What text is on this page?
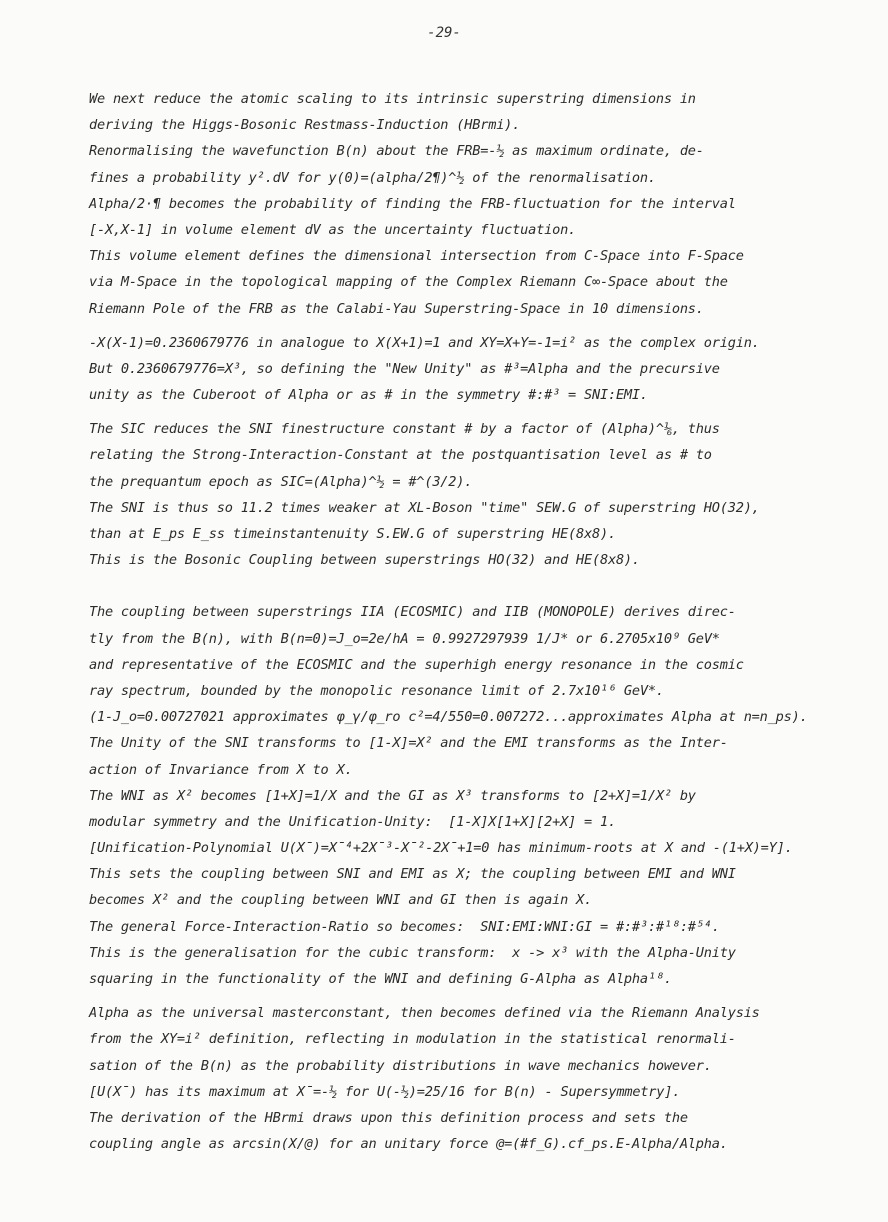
-29-
We next reduce the atomic scaling to its intrinsic superstring dimensions in
deriving the Higgs-Bosonic Restmass-Induction (HBrmi).
Renormalising the wavefunction B(n) about the FRB=-½ as maximum ordinate, de-
fines a probability y².dV for y(0)=(alpha/2¶)^½ of the renormalisation.
Alpha/2·¶ becomes the probability of finding the FRB-fluctuation for the interval
[-X,X-1] in volume element dV as the uncertainty fluctuation.
This volume element defines the dimensional intersection from C-Space into F-Space
via M-Space in the topological mapping of the Complex Riemann C∞-Space about the
Riemann Pole of the FRB as the Calabi-Yau Superstring-Space in 10 dimensions.
-X(X-1)=0.2360679776 in analogue to X(X+1)=1 and XY=X+Y=-1=i² as the complex origin.
But 0.2360679776=X³, so defining the "New Unity" as #³=Alpha and the precursive
unity as the Cuberoot of Alpha or as # in the symmetry #:#³ = SNI:EMI.
The SIC reduces the SNI finestructure constant # by a factor of (Alpha)^⅙, thus
relating the Strong-Interaction-Constant at the postquantisation level as # to
the prequantum epoch as SIC=(Alpha)^½ = #^(3/2).
The SNI is thus so 11.2 times weaker at XL-Boson "time" SEW.G of superstring HO(32),
than at E_ps E_ss timeinstantenuity S.EW.G of superstring HE(8x8).
This is the Bosonic Coupling between superstrings HO(32) and HE(8x8).
The coupling between superstrings IIA (ECOSMIC) and IIB (MONOPOLE) derives direc-
tly from the B(n), with B(n=0)=J_o=2e/hA = 0.9927297939 1/J* or 6.2705x10⁹ GeV*
and representative of the ECOSMIC and the superhigh energy resonance in the cosmic
ray spectrum, bounded by the monopolic resonance limit of 2.7x10¹⁶ GeV*.
(1-J_o=0.00727021 approximates φ_γ/φ_ro c²=4/550=0.007272...approximates Alpha at n=n_ps).
The Unity of the SNI transforms to [1-X]=X² and the EMI transforms as the Inter-
action of Invariance from X to X.
The WNI as X² becomes [1+X]=1/X and the GI as X³ transforms to [2+X]=1/X² by
modular symmetry and the Unification-Unity:  [1-X]X[1+X][2+X] = 1.
[Unification-Polynomial U(X̄)=X̄⁴+2X̄³-X̄²-2X̄+1=0 has minimum-roots at X and -(1+X)=Y].
This sets the coupling between SNI and EMI as X; the coupling between EMI and WNI
becomes X² and the coupling between WNI and GI then is again X.
The general Force-Interaction-Ratio so becomes:  SNI:EMI:WNI:GI = #:#³:#¹⁸:#⁵⁴.
This is the generalisation for the cubic transform:  x -> x³ with the Alpha-Unity
squaring in the functionality of the WNI and defining G-Alpha as Alpha¹⁸.
Alpha as the universal masterconstant, then becomes defined via the Riemann Analysis
from the XY=i² definition, reflecting in modulation in the statistical renormali-
sation of the B(n) as the probability distributions in wave mechanics however.
[U(X̄) has its maximum at X̄=-½ for U(-½)=25/16 for B(n) - Supersymmetry].
The derivation of the HBrmi draws upon this definition process and sets the
coupling angle as arcsin(X/@) for an unitary force @=(#f_G).cf_ps.E-Alpha/Alpha.
